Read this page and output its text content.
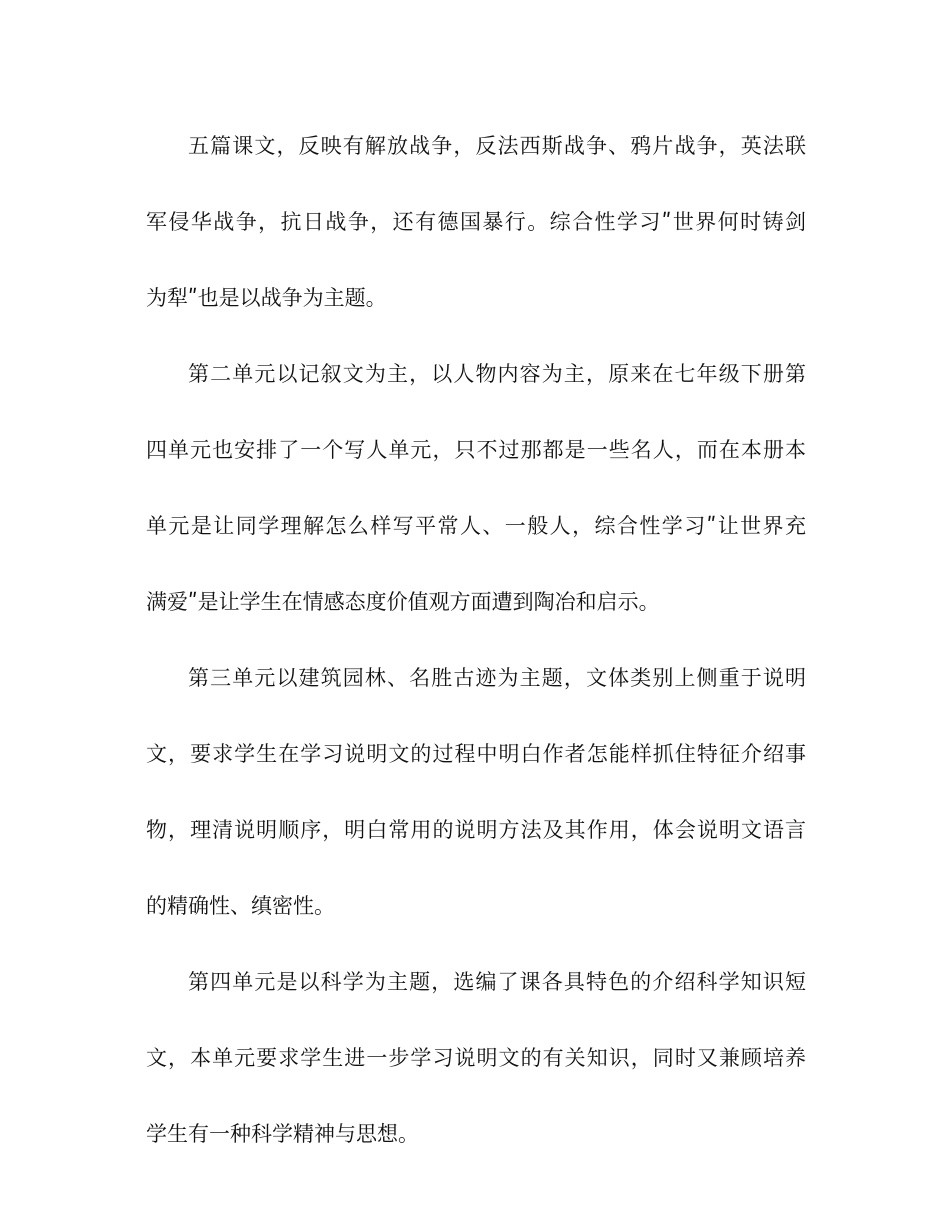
五篇课文，反映有解放战争，反法西斯战争、鸦片战争，英法联
军侵华战争，抗日战争，还有德国暴行。综合性学习ʺ世界何时铸剑
为犁ʺ也是以战争为主题。
第二单元以记叙文为主，以人物内容为主，原来在七年级下册第
四单元也安排了一个写人单元，只不过那都是一些名人，而在本册本
单元是让同学理解怎么样写平常人、一般人，综合性学习ʺ让世界充
满爱ʺ是让学生在情感态度价值观方面遭到陶冶和启示。
第三单元以建筑园林、名胜古迹为主题，文体类别上侧重于说明
文，要求学生在学习说明文的过程中明白作者怎能样抓住特征介绍事
物，理清说明顺序，明白常用的说明方法及其作用，体会说明文语言
的精确性、缜密性。
第四单元是以科学为主题，选编了课各具特色的介绍科学知识短
文，本单元要求学生进一步学习说明文的有关知识，同时又兼顾培养
学生有一种科学精神与思想。
